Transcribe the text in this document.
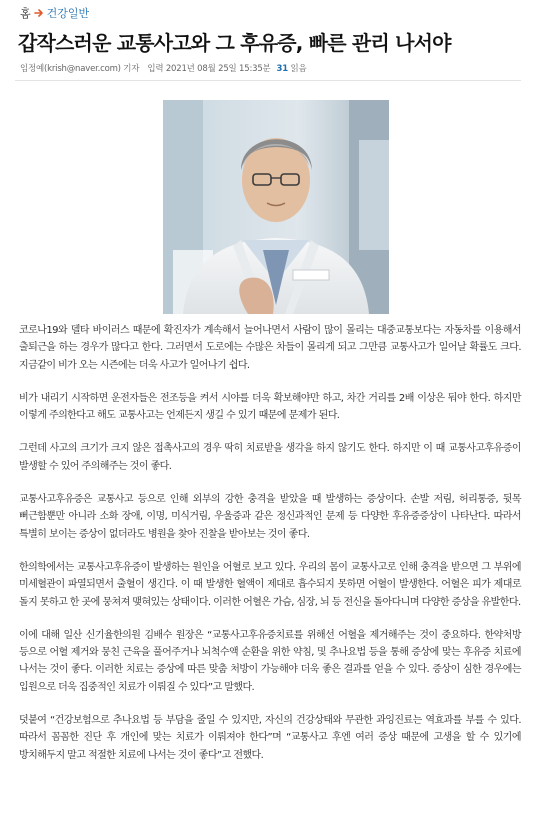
홈 건강일반
갑작스러운 교통사고와 그 후유증, 빠른 관리 나서야
임정예(krish@naver.com) 기자 입력 2021년 08월 25일 15:35분 31 읽음

코로나19와 델타 바이러스 때문에 확진자가 계속해서 늘어나면서 사람이 많이 몰리는 대중교통보다는 자동차를 이용해서 출퇴근을 하는 경우가 많다고 한다. 그러면서 도로에는 수많은 차들이 몰리게 되고 그만큼 교통사고가 일어날 확률도 크다. 지금같이 비가 오는 시즌에는 더욱 사고가 일어나기 쉽다.

비가 내리기 시작하면 운전자들은 전조등을 켜서 시야를 더욱 확보해야만 하고, 차간 거리를 2배 이상은 둬야 한다. 하지만 이렇게 주의한다고 해도 교통사고는 언제든지 생길 수 있기 때문에 문제가 된다.

그런데 사고의 크기가 크지 않은 접촉사고의 경우 딱히 치료받을 생각을 하지 않기도 한다. 하지만 이 때 교통사고후유증이 발생할 수 있어 주의해주는 것이 좋다.

교통사고후유증은 교통사고 등으로 인해 외부의 강한 충격을 받았을 때 발생하는 증상이다. 손발 저림, 허리통증, 뒷목 뻐근함뿐만 아니라 소화 장애, 이명, 미식거림, 우울증과 같은 정신과적인 문제 등 다양한 후유증증상이 나타난다. 따라서 특별히 보이는 증상이 없더라도 병원을 찾아 진찰을 받아보는 것이 좋다.

한의학에서는 교통사고후유증이 발생하는 원인을 어혈로 보고 있다. 우리의 몸이 교통사고로 인해 충격을 받으면 그 부위에 미세혈관이 파열되면서 출혈이 생긴다. 이 때 발생한 혈액이 제대로 흡수되지 못하면 어혈이 발생한다. 어혈은 피가 제대로 돌지 못하고 한 곳에 뭉쳐져 맺혀있는 상태이다. 이러한 어혈은 가슴, 심장, 뇌 등 전신을 돌아다니며 다양한 증상을 유발한다.

이에 대해 일산 신기율한의원 김배수 원장은 “교통사고후유증치료를 위해선 어혈을 제거해주는 것이 중요하다. 한약처방 등으로 어혈 제거와 뭉친 근육을 풀어주거나 뇌척수액 순환을 위한 약침, 및 추나요법 등을 통해 증상에 맞는 후유증 치료에 나서는 것이 좋다. 이러한 치료는 증상에 따른 맞춤 처방이 가능해야 더욱 좋은 결과를 얻을 수 있다. 증상이 심한 경우에는 입원으로 더욱 집중적인 치료가 이뤄질 수 있다”고 말했다.

덧붙여 “건강보험으로 추나요법 등 부담을 줄일 수 있지만, 자신의 건강상태와 무관한 과잉진료는 역효과를 부를 수 있다. 따라서 꼼꼼한 진단 후 개인에 맞는 치료가 이뤄져야 한다”며 “교통사고 후엔 여러 증상 때문에 고생을 할 수 있기에 방치해두지 말고 적절한 치료에 나서는 것이 좋다”고 전했다.
